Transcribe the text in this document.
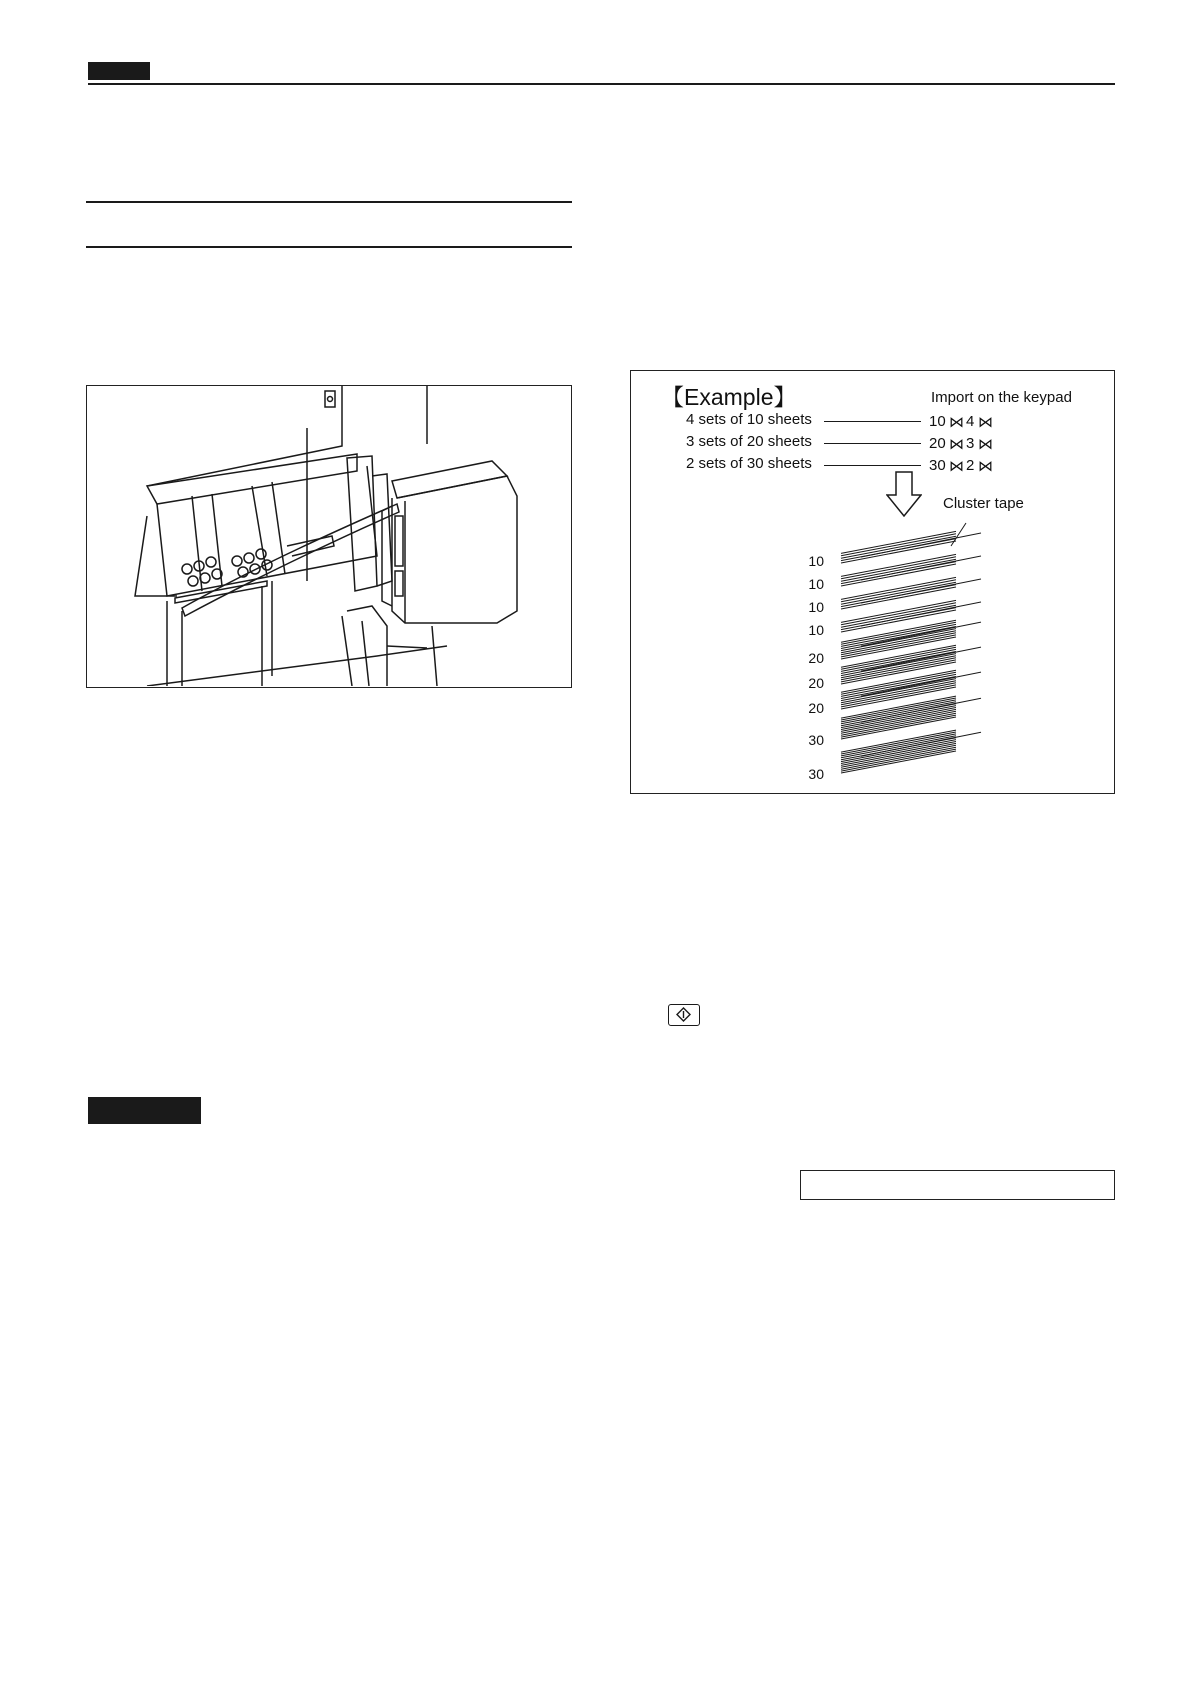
【Example】	Import on the keypad
4 sets of 10 sheets	10 ⋈ 4 ⋈
3 sets of 20 sheets	20 ⋈ 3 ⋈
2 sets of 30 sheets	30 ⋈ 2 ⋈
Cluster tape
10
10
10
10
20
20
20
30
30
